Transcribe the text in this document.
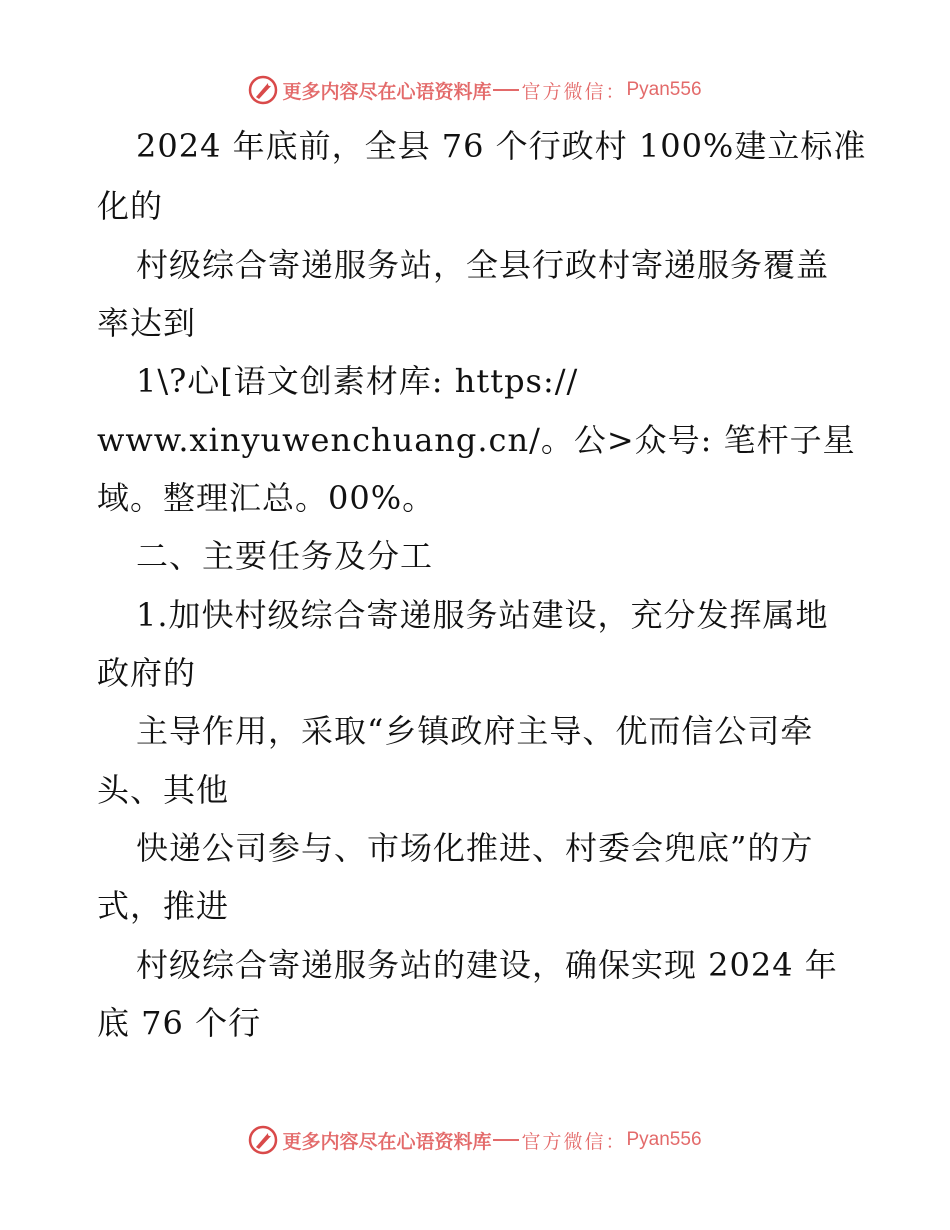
更多内容尽在心语资料库 官方微信： Pyan556
2024 年底前，全县 76 个行政村 100%建立标准
化的
村级综合寄递服务站，全县行政村寄递服务覆盖
率达到
1\?心[语文创素材库: https://
www.xinyuwenchuang.cn/。公>众号: 笔杆子星
域。整理汇总。00%。
二、主要任务及分工
1.加快村级综合寄递服务站建设，充分发挥属地
政府的
主导作用，采取“乡镇政府主导、优而信公司牵
头、其他
快递公司参与、市场化推进、村委会兜底”的方
式，推进
村级综合寄递服务站的建设，确保实现 2024 年
底 76 个行
更多内容尽在心语资料库 官方微信： Pyan556
